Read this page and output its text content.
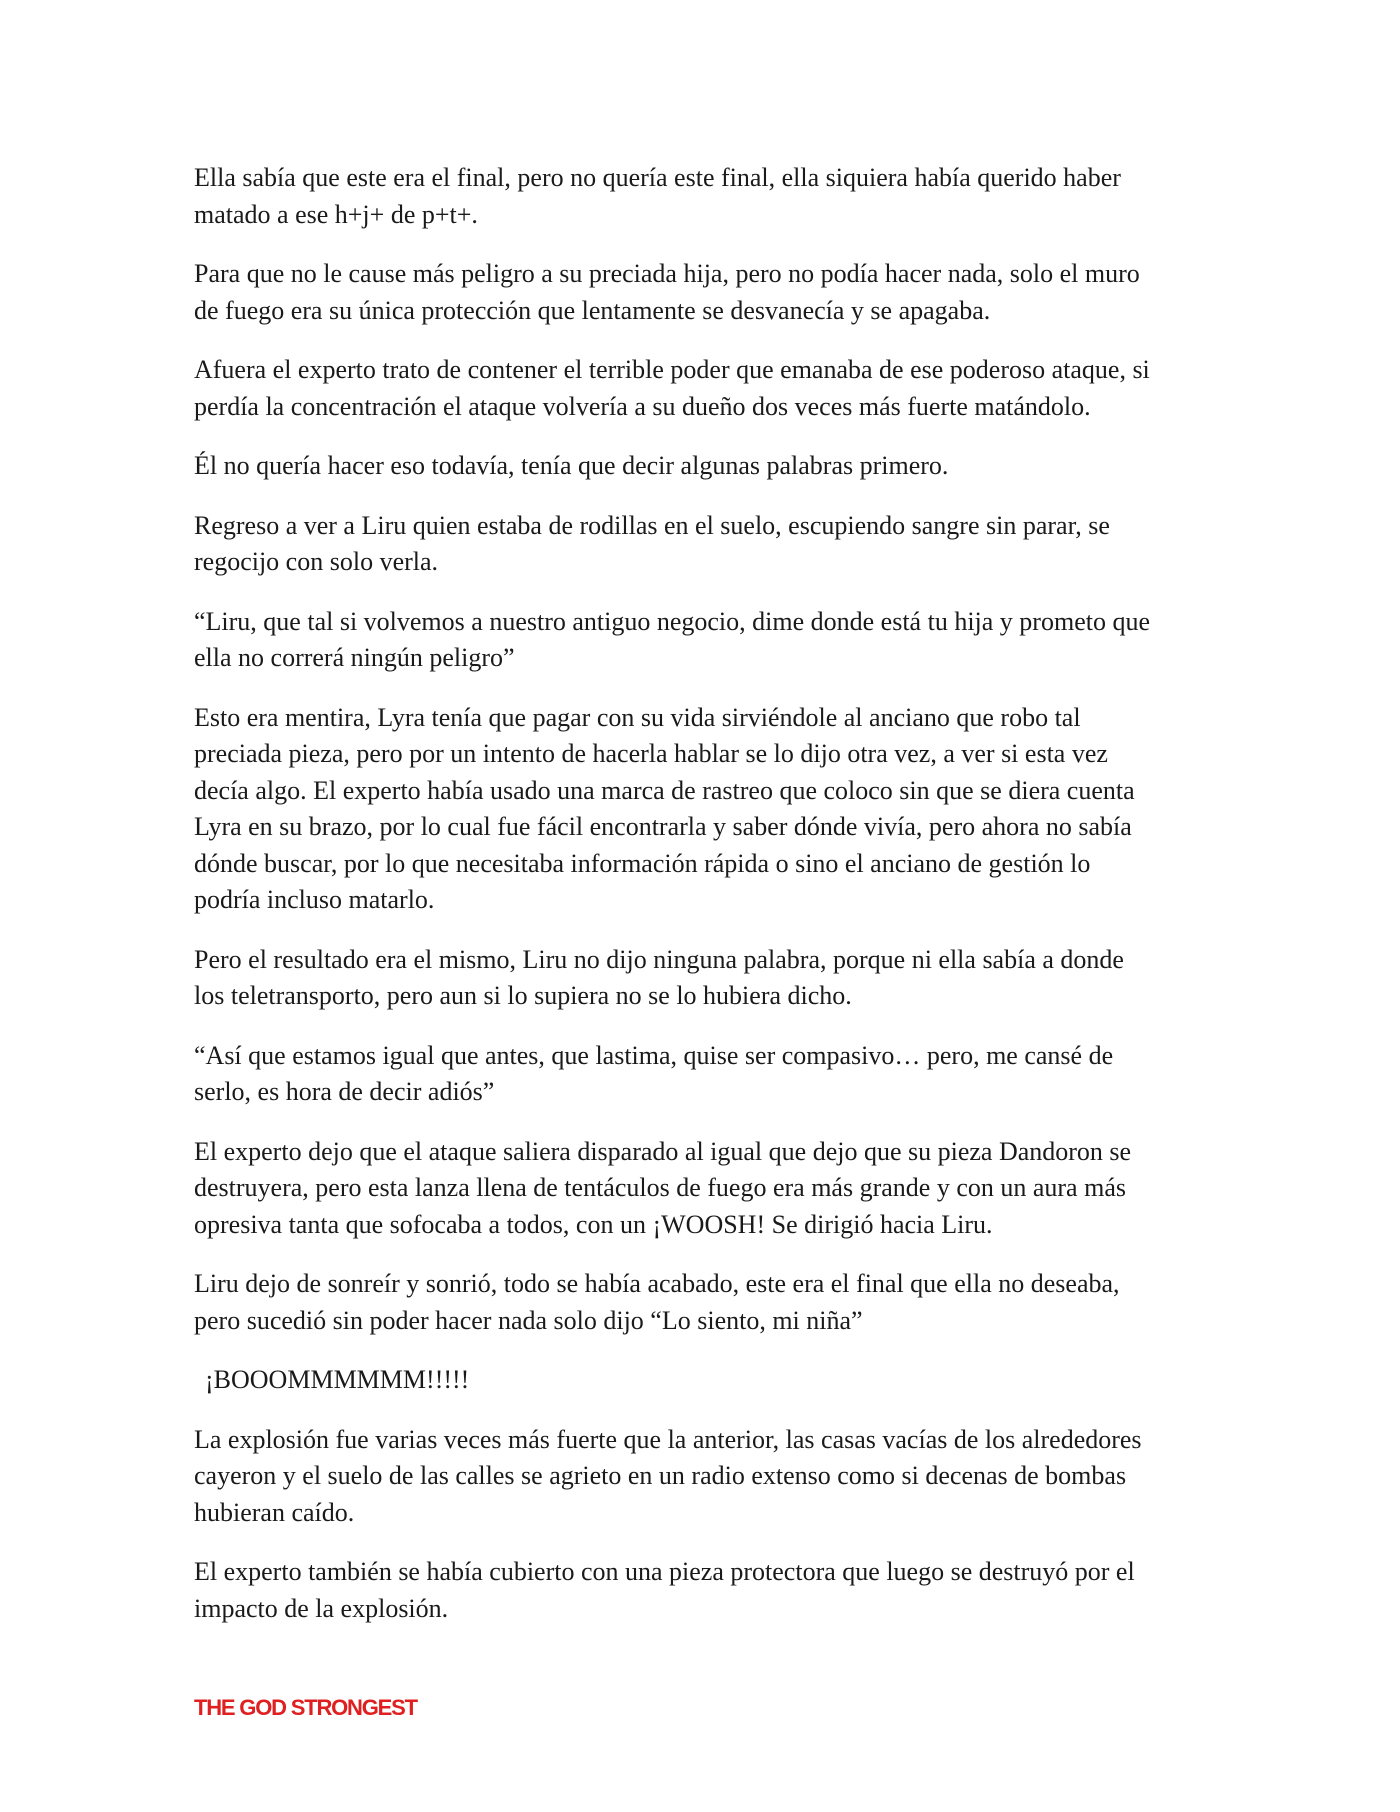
Ella sabía que este era el final, pero no quería este final, ella siquiera había querido haber
matado a ese h+j+ de p+t+.

Para que no le cause más peligro a su preciada hija, pero no podía hacer nada, solo el muro
de fuego era su única protección que lentamente se desvanecía y se apagaba.

Afuera el experto trato de contener el terrible poder que emanaba de ese poderoso ataque, si
perdía la concentración el ataque volvería a su dueño dos veces más fuerte matándolo.

Él no quería hacer eso todavía, tenía que decir algunas palabras primero.

Regreso a ver a Liru quien estaba de rodillas en el suelo, escupiendo sangre sin parar, se
regocijo con solo verla.

“Liru, que tal si volvemos a nuestro antiguo negocio, dime donde está tu hija y prometo que
ella no correrá ningún peligro”

Esto era mentira, Lyra tenía que pagar con su vida sirviéndole al anciano que robo tal
preciada pieza, pero por un intento de hacerla hablar se lo dijo otra vez, a ver si esta vez
decía algo. El experto había usado una marca de rastreo que coloco sin que se diera cuenta
Lyra en su brazo, por lo cual fue fácil encontrarla y saber dónde vivía, pero ahora no sabía
dónde buscar, por lo que necesitaba información rápida o sino el anciano de gestión lo
podría incluso matarlo.

Pero el resultado era el mismo, Liru no dijo ninguna palabra, porque ni ella sabía a donde
los teletransporto, pero aun si lo supiera no se lo hubiera dicho.

“Así que estamos igual que antes, que lastima, quise ser compasivo… pero, me cansé de
serlo, es hora de decir adiós”

El experto dejo que el ataque saliera disparado al igual que dejo que su pieza Dandoron se
destruyera, pero esta lanza llena de tentáculos de fuego era más grande y con un aura más
opresiva tanta que sofocaba a todos, con un ¡WOOSH! Se dirigió hacia Liru.

Liru dejo de sonreír y sonrió, todo se había acabado, este era el final que ella no deseaba,
pero sucedió sin poder hacer nada solo dijo “Lo siento, mi niña”

¡BOOOMMMMMM!!!!!

La explosión fue varias veces más fuerte que la anterior, las casas vacías de los alrededores
cayeron y el suelo de las calles se agrieto en un radio extenso como si decenas de bombas
hubieran caído.

El experto también se había cubierto con una pieza protectora que luego se destruyó por el
impacto de la explosión.

THE GOD STRONGEST
